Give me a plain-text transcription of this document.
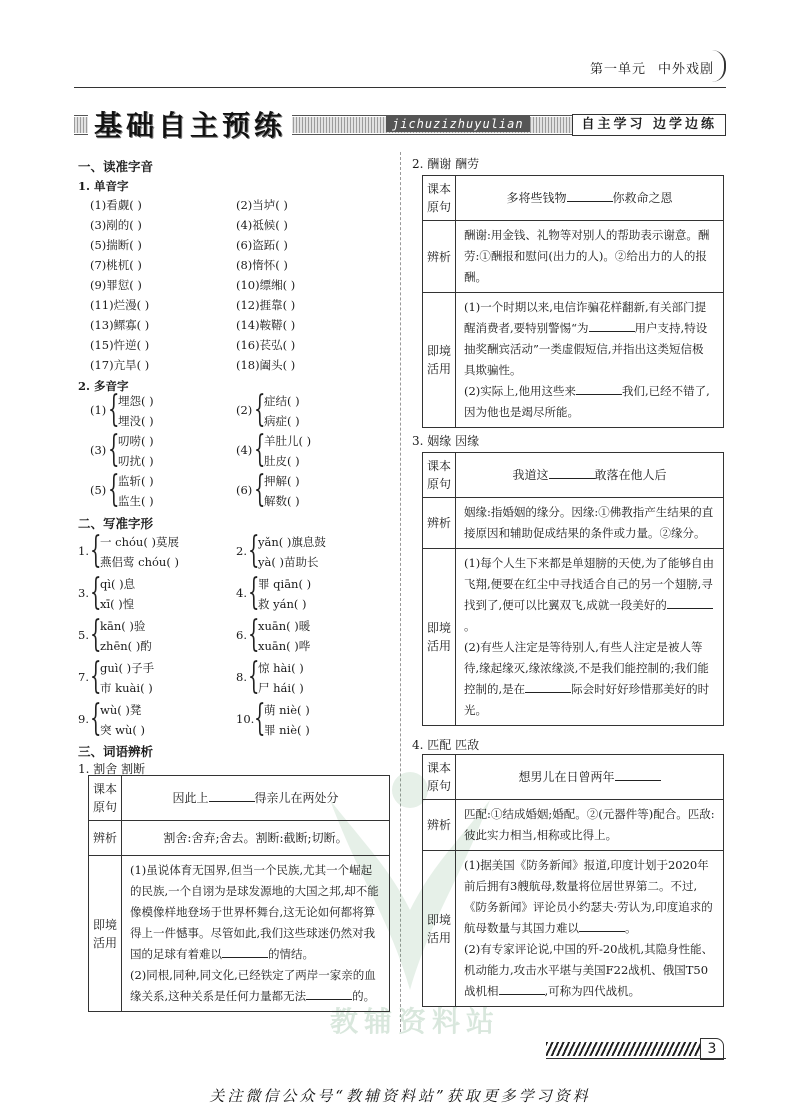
第一单元 中外戏剧
基础自主预练	jichuzizhuyulian	自主学习 边学边练
教辅资料站
一、读准字音
1. 单音字
(1)看觑( )	(2)当垆( )
(3)剐的( )	(4)祗候( )
(5)揣断( )	(6)盗跖( )
(7)桃杌( )	(8)惰怀( )
(9)罪愆( )	(10)缥缃( )
(11)烂漫( )	(12)捱靠( )
(13)鳏寡( )	(14)鞍鞯( )
(15)忤逆( )	(16)苌弘( )
(17)亢旱( )	(18)阖头( )
2. 多音字
(1) {
埋怨( )
埋没( )
(2) {
症结( )
病症( )
(3) {
叨唠( )
叨扰( )
(4) {
羊肚儿( )
肚皮( )
(5) {
监斩( )
监生( )
(6) {
押解( )
解数( )
二、写准字形
1. {
一 chóu( )莫展
燕侣莺 chóu( )
2. {
yǎn( )旗息鼓
yà( )苗助长
3. {
qì( )息
xī( )惶
4. {
罪 qiān( )
救 yán( )
5. {
kān( )验
zhēn( )酌
6. {
xuān( )暖
xuān( )哗
7. {
guì( )子手
市 kuài( )
8. {
惊 hài( )
尸 hái( )
9. {
wù( )凳
突 wù( )
10. {
萌 niè( )
罪 niè( )
三、词语辨析
1. 割舍 割断
课本原句	因此上 得亲儿在两处分
辨析	割舍:舍弃;舍去。割断:截断;切断。
即境活用	(1)虽说体育无国界,但当一个民族,尤其一个崛起的民族,一个自诩为是球发源地的大国之邦,却不能像模像样地登场于世界杯舞台,这无论如何都将算得上一件憾事。尽管如此,我们这些球迷仍然对我国的足球有着难以 的情结。
(2)同根,同种,同文化,已经铁定了两岸一家亲的血缘关系,这种关系是任何力量都无法 的。
2. 酬谢 酬劳
课本原句	多将些钱物 你救命之恩
辨析	酬谢:用金钱、礼物等对别人的帮助表示谢意。酬劳:①酬报和慰问(出力的人)。②给出力的人的报酬。
即境活用	(1)一个时期以来,电信诈骗花样翻新,有关部门提醒消费者,要特别警惕“为 用户支持,特设抽奖酬宾活动”一类虚假短信,并指出这类短信极具欺骗性。
(2)实际上,他用这些来 我们,已经不错了,因为他也是竭尽所能。
3. 姻缘 因缘
课本原句	我道这 敢落在他人后
辨析	姻缘:指婚姻的缘分。因缘:①佛教指产生结果的直接原因和辅助促成结果的条件或力量。②缘分。
即境活用	(1)每个人生下来都是单翅膀的天使,为了能够自由飞翔,便要在红尘中寻找适合自己的另一个翅膀,寻找到了,便可以比翼双飞,成就一段美好的。
(2)有些人注定是等待别人,有些人注定是被人等待,缘起缘灭,缘浓缘淡,不是我们能控制的;我们能控制的,是在 际会时好好珍惜那美好的时光。
4. 匹配 匹敌
课本原句	想男儿在日曾两年
辨析	匹配:①结成婚姻;婚配。②(元器件等)配合。匹敌:彼此实力相当,相称或比得上。
即境活用	(1)据美国《防务新闻》报道,印度计划于2020年前后拥有3艘航母,数量将位居世界第二。不过,《防务新闻》评论员小约瑟夫·劳认为,印度追求的航母数量与其国力难以 。
(2)有专家评论说,中国的歼-20战机,其隐身性能、机动能力,攻击水平堪与美国F22战机、俄国T50战机相 ,可称为四代战机。
3
关注微信公众号“教辅资料站”获取更多学习资料
